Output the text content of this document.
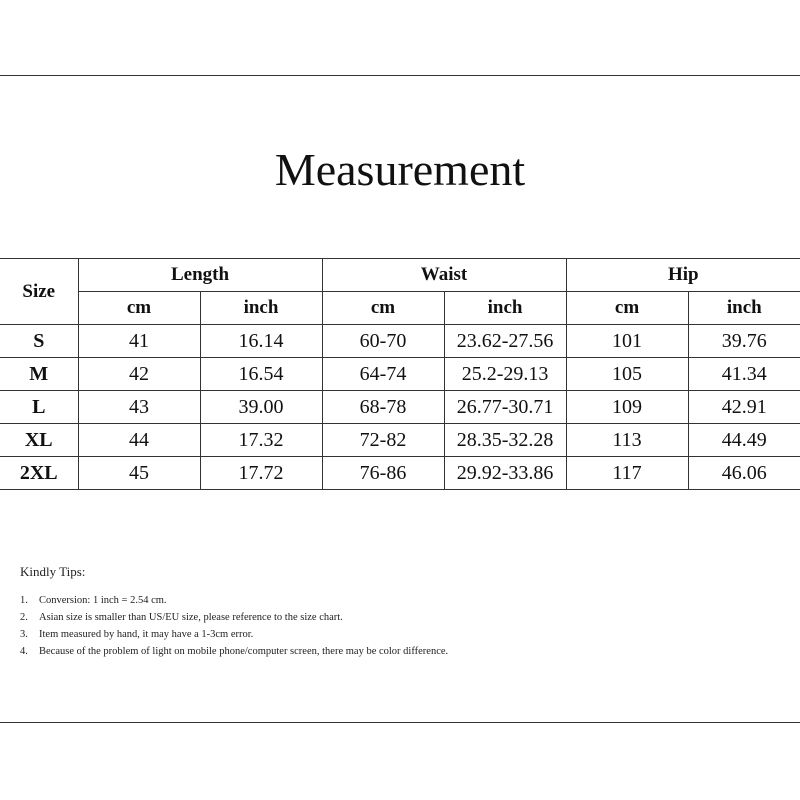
Measurement
Size	Length		Waist		Hip	
	cm	inch	cm	inch	cm	inch
S	41	16.14	60-70	23.62-27.56	101	39.76
M	42	16.54	64-74	25.2-29.13	105	41.34
L	43	39.00	68-78	26.77-30.71	109	42.91
XL	44	17.32	72-82	28.35-32.28	113	44.49
2XL	45	17.72	76-86	29.92-33.86	117	46.06

Kindly Tips:

1. Conversion: 1 inch = 2.54 cm.
2. Asian size is smaller than US/EU size, please reference to the size chart.
3. Item measured by hand, it may have a 1-3cm error.
4. Because of the problem of light on mobile phone/computer screen, there may be color difference.
